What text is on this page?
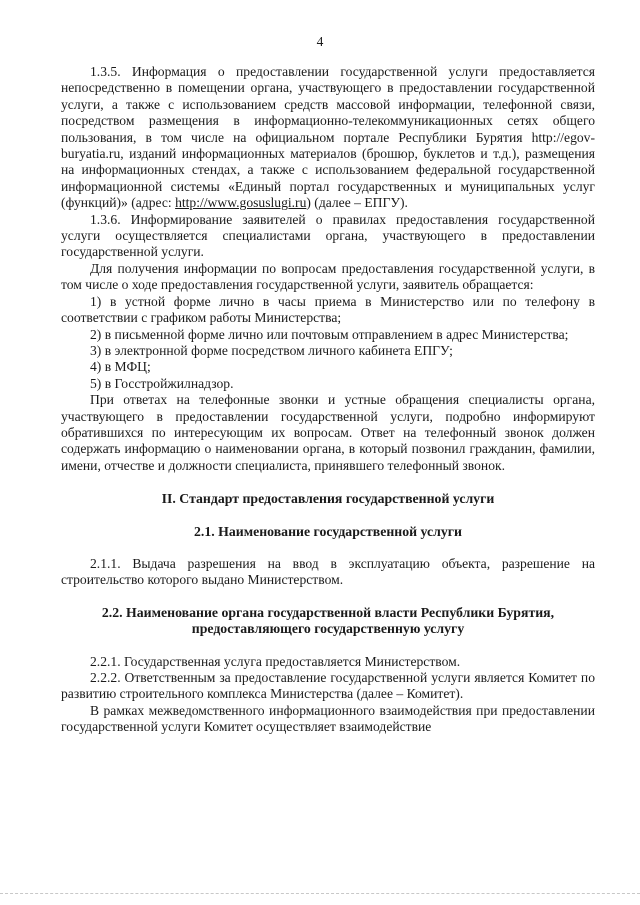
4

1.3.5. Информация о предоставлении государственной услуги предоставляется непосредственно в помещении органа, участвующего в предоставлении государственной услуги, а также с использованием средств массовой информации, телефонной связи, посредством размещения в информационно-телекоммуникационных сетях общего пользования, в том числе на официальном портале Республики Бурятия http://egov-buryatia.ru, изданий информационных материалов (брошюр, буклетов и т.д.), размещения на информационных стендах, а также с использованием федеральной государственной информационной системы «Единый портал государственных и муниципальных услуг (функций)» (адрес: http://www.gosuslugi.ru) (далее – ЕПГУ).

1.3.6. Информирование заявителей о правилах предоставления государственной услуги осуществляется специалистами органа, участвующего в предоставлении государственной услуги.

Для получения информации по вопросам предоставления государственной услуги, в том числе о ходе предоставления государственной услуги, заявитель обращается:

1) в устной форме лично в часы приема в Министерство или по телефону в соответствии с графиком работы Министерства;

2) в письменной форме лично или почтовым отправлением в адрес Министерства;

3) в электронной форме посредством личного кабинета ЕПГУ;

4) в МФЦ;

5) в Госстройжилнадзор.

При ответах на телефонные звонки и устные обращения специалисты органа, участвующего в предоставлении государственной услуги, подробно информируют обратившихся по интересующим их вопросам. Ответ на телефонный звонок должен содержать информацию о наименовании органа, в который позвонил гражданин, фамилии, имени, отчестве и должности специалиста, принявшего телефонный звонок.

II. Стандарт предоставления государственной услуги

2.1. Наименование государственной услуги

2.1.1. Выдача разрешения на ввод в эксплуатацию объекта, разрешение на строительство которого выдано Министерством.

2.2. Наименование органа государственной власти Республики Бурятия,

предоставляющего государственную услугу

2.2.1. Государственная услуга предоставляется Министерством.

2.2.2. Ответственным за предоставление государственной услуги является Комитет по развитию строительного комплекса Министерства (далее – Комитет).

В рамках межведомственного информационного взаимодействия при предоставлении государственной услуги Комитет осуществляет взаимодействие
